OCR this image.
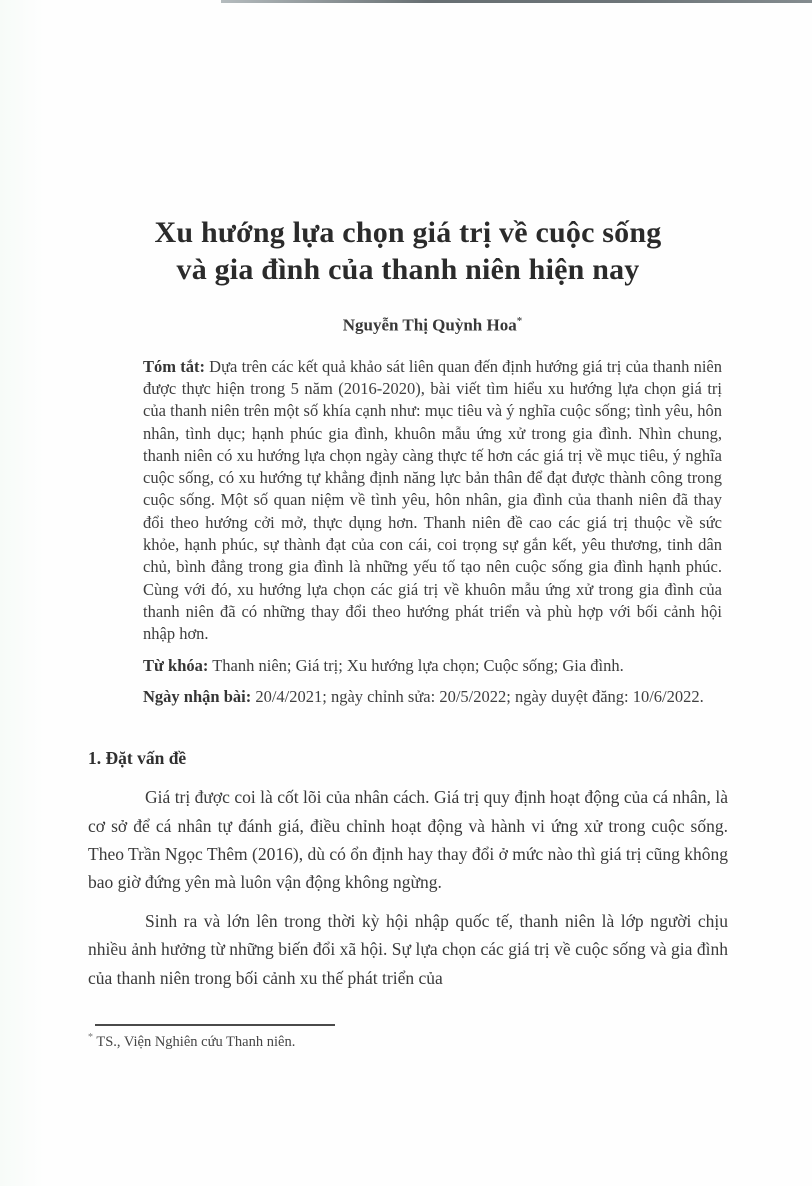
Xu hướng lựa chọn giá trị về cuộc sống
và gia đình của thanh niên hiện nay
Nguyễn Thị Quỳnh Hoa*

Tóm tắt: Dựa trên các kết quả khảo sát liên quan đến định hướng giá trị của thanh niên được thực hiện trong 5 năm (2016-2020), bài viết tìm hiểu xu hướng lựa chọn giá trị của thanh niên trên một số khía cạnh như: mục tiêu và ý nghĩa cuộc sống; tình yêu, hôn nhân, tình dục; hạnh phúc gia đình, khuôn mẫu ứng xử trong gia đình. Nhìn chung, thanh niên có xu hướng lựa chọn ngày càng thực tế hơn các giá trị về mục tiêu, ý nghĩa cuộc sống, có xu hướng tự khẳng định năng lực bản thân để đạt được thành công trong cuộc sống. Một số quan niệm về tình yêu, hôn nhân, gia đình của thanh niên đã thay đổi theo hướng cởi mở, thực dụng hơn. Thanh niên đề cao các giá trị thuộc về sức khỏe, hạnh phúc, sự thành đạt của con cái, coi trọng sự gắn kết, yêu thương, tinh dân chủ, bình đẳng trong gia đình là những yếu tố tạo nên cuộc sống gia đình hạnh phúc. Cùng với đó, xu hướng lựa chọn các giá trị về khuôn mẫu ứng xử trong gia đình của thanh niên đã có những thay đổi theo hướng phát triển và phù hợp với bối cảnh hội nhập hơn.

Từ khóa: Thanh niên; Giá trị; Xu hướng lựa chọn; Cuộc sống; Gia đình.

Ngày nhận bài: 20/4/2021; ngày chỉnh sửa: 20/5/2022; ngày duyệt đăng: 10/6/2022.

1. Đặt vấn đề

Giá trị được coi là cốt lõi của nhân cách. Giá trị quy định hoạt động của cá nhân, là cơ sở để cá nhân tự đánh giá, điều chỉnh hoạt động và hành vi ứng xử trong cuộc sống. Theo Trần Ngọc Thêm (2016), dù có ổn định hay thay đổi ở mức nào thì giá trị cũng không bao giờ đứng yên mà luôn vận động không ngừng.

Sinh ra và lớn lên trong thời kỳ hội nhập quốc tế, thanh niên là lớp người chịu nhiều ảnh hưởng từ những biến đổi xã hội. Sự lựa chọn các giá trị về cuộc sống và gia đình của thanh niên trong bối cảnh xu thế phát triển của

* TS., Viện Nghiên cứu Thanh niên.
